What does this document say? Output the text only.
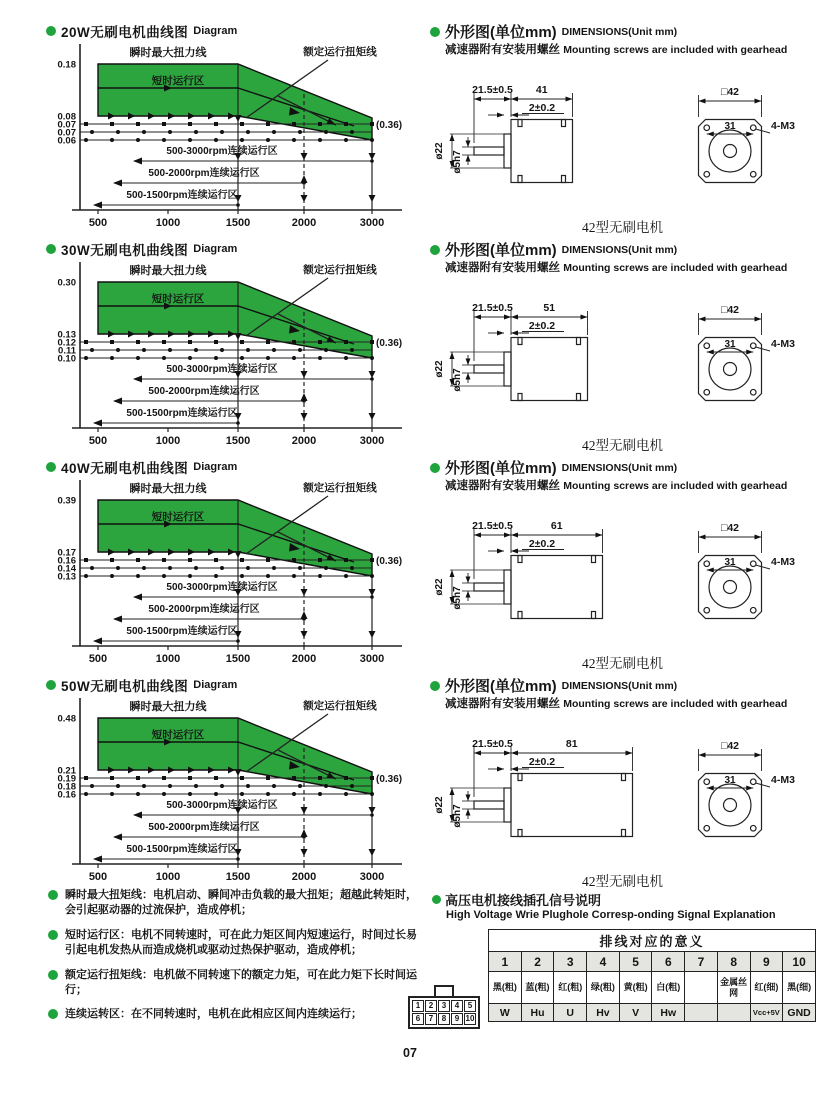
20W无刷电机曲线图 Diagram
500-3000rpm连续运行区
500-2000rpm连续运行区
500-1500rpm连续运行区
瞬时最大扭力线
短时运行区
额定运行扭矩线
(0.36)
0.18
0.08
0.07
0.07
0.06
500	1000	1500	2000	3000
30W无刷电机曲线图 Diagram
500-3000rpm连续运行区
500-2000rpm连续运行区
500-1500rpm连续运行区
瞬时最大扭力线
短时运行区
额定运行扭矩线
(0.36)
0.30
0.13
0.12
0.11
0.10
500	1000	1500	2000	3000
40W无刷电机曲线图 Diagram
500-3000rpm连续运行区
500-2000rpm连续运行区
500-1500rpm连续运行区
瞬时最大扭力线
短时运行区
额定运行扭矩线
(0.36)
0.39
0.17
0.16
0.14
0.13
500	1000	1500	2000	3000
50W无刷电机曲线图 Diagram
500-3000rpm连续运行区
500-2000rpm连续运行区
500-1500rpm连续运行区
瞬时最大扭力线
短时运行区
额定运行扭矩线
(0.36)
0.48
0.21
0.19
0.18
0.16
500	1000	1500	2000	3000
外形图(单位mm) DIMENSIONS(Unit mm)
减速器附有安装用螺丝 Mounting screws are included with gearhead
21.5±0.5 41
2±0.2
ø22 ø5h7
□42
31	4-M3
42型无刷电机
外形图(单位mm) DIMENSIONS(Unit mm)
减速器附有安装用螺丝 Mounting screws are included with gearhead
21.5±0.5	51
2±0.2
ø22 ø5h7
□42
31	4-M3
42型无刷电机
外形图(单位mm) DIMENSIONS(Unit mm)
减速器附有安装用螺丝 Mounting screws are included with gearhead
21.5±0.5	61
2±0.2
ø22 ø5h7
□42
31	4-M3
42型无刷电机
外形图(单位mm) DIMENSIONS(Unit mm)
减速器附有安装用螺丝 Mounting screws are included with gearhead
21.5±0.5	81
2±0.2
ø22 ø5h7
□42
31	4-M3
42型无刷电机
瞬时最大扭矩线：电机启动、瞬间冲击负载的最大扭矩；超越此转矩时，会引起驱动器的过流保护，造成停机；
短时运行区：电机不同转速时，可在此力矩区间内短速运行，时间过长易引起电机发热从而造成烧机或驱动过热保护驱动，造成停机；
额定运行扭矩线：电机做不同转速下的额定力矩，可在此力矩下长时间运行；
连续运转区：在不同转速时，电机在此相应区间内连续运行；
高压电机接线插孔信号说明
High Voltage Wrie Plughole Corresp-onding Signal Explanation
1	2	3	4	5
6	7	8	9 10
排线对应的意义									
1	2	3	4	5	6	7	8	9	10
黑(粗)	蓝(粗)	红(粗)	绿(粗)	黄(粗)	白(粗)		金属丝网	红(细)	黑(细)
W	Hu	U	Hv	V	Hw			Vcc+5V	GND
07
